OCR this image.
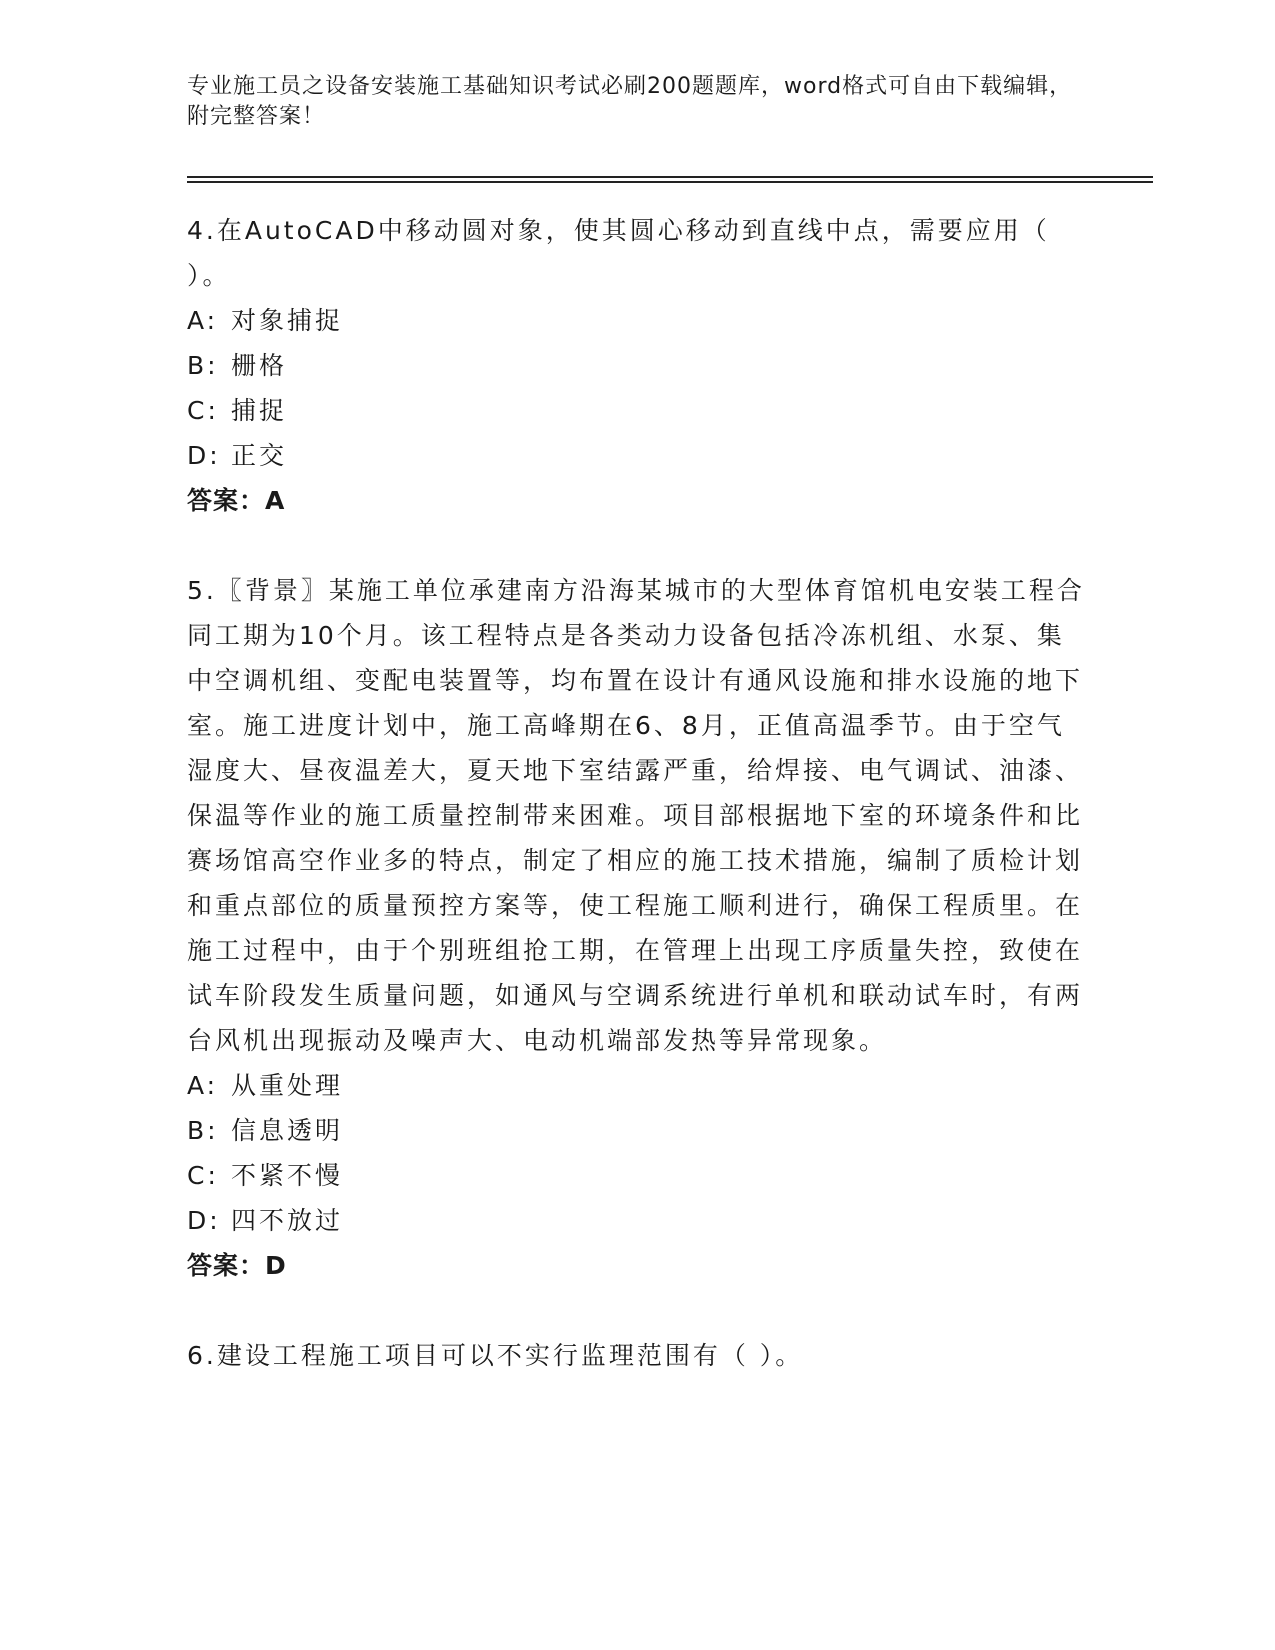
专业施工员之设备安装施工基础知识考试必刷200题题库，word格式可自由下载编辑，附完整答案！

4.在AutoCAD中移动圆对象，使其圆心移动到直线中点，需要应用（ ）。

A: 对象捕捉

B: 栅格

C: 捕捉

D: 正交

答案：A

5.〖背景〗某施工单位承建南方沿海某城市的大型体育馆机电安装工程合同工期为10个月。该工程特点是各类动力设备包括冷冻机组、水泵、集中空调机组、变配电装置等，均布置在设计有通风设施和排水设施的地下室。施工进度计划中，施工高峰期在6、8月，正值高温季节。由于空气湿度大、昼夜温差大，夏天地下室结露严重，给焊接、电气调试、油漆、保温等作业的施工质量控制带来困难。项目部根据地下室的环境条件和比赛场馆高空作业多的特点，制定了相应的施工技术措施，编制了质检计划和重点部位的质量预控方案等，使工程施工顺利进行，确保工程质里。在施工过程中，由于个别班组抢工期，在管理上出现工序质量失控，致使在试车阶段发生质量问题，如通风与空调系统进行单机和联动试车时，有两台风机出现振动及噪声大、电动机端部发热等异常现象。

A: 从重处理

B: 信息透明

C: 不紧不慢

D: 四不放过

答案：D

6.建设工程施工项目可以不实行监理范围有（ ）。
